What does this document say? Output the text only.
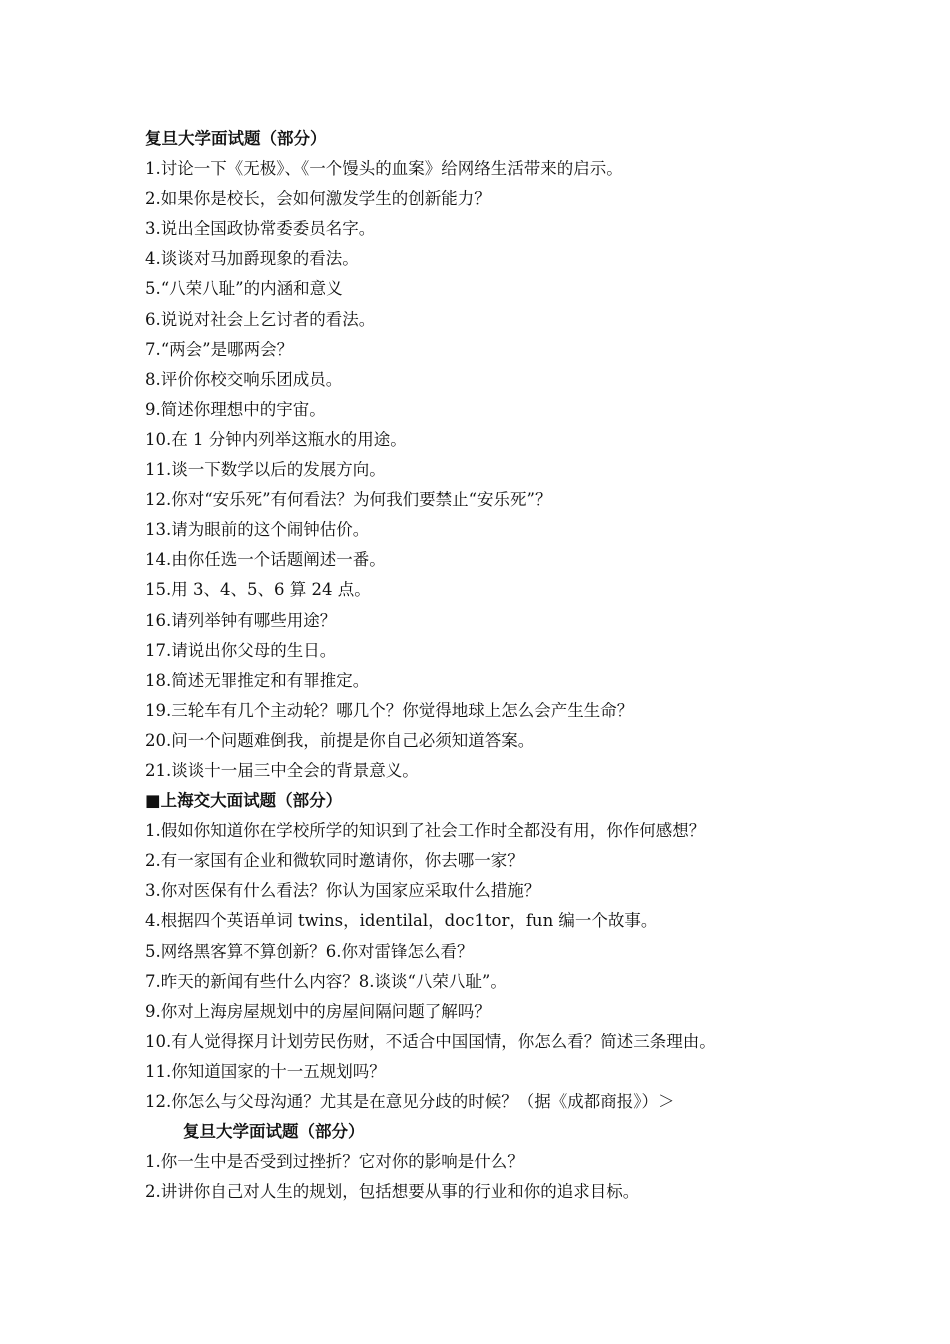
复旦大学面试题（部分）
1.讨论一下《无极》、《一个馒头的血案》给网络生活带来的启示。
2.如果你是校长，会如何激发学生的创新能力？
3.说出全国政协常委委员名字。
4.谈谈对马加爵现象的看法。
5.“八荣八耻”的内涵和意义
6.说说对社会上乞讨者的看法。
7.“两会”是哪两会？
8.评价你校交响乐团成员。
9.简述你理想中的宇宙。
10.在 1 分钟内列举这瓶水的用途。
11.谈一下数学以后的发展方向。
12.你对“安乐死”有何看法？为何我们要禁止“安乐死”？
13.请为眼前的这个闹钟估价。
14.由你任选一个话题阐述一番。
15.用 3、4、5、6 算 24 点。
16.请列举钟有哪些用途？
17.请说出你父母的生日。
18.简述无罪推定和有罪推定。
19.三轮车有几个主动轮？哪几个？你觉得地球上怎么会产生生命？
20.问一个问题难倒我，前提是你自己必须知道答案。
21.谈谈十一届三中全会的背景意义。
■上海交大面试题（部分）
1.假如你知道你在学校所学的知识到了社会工作时全都没有用，你作何感想？
2.有一家国有企业和微软同时邀请你，你去哪一家？
3.你对医保有什么看法？你认为国家应采取什么措施？
4.根据四个英语单词 twins，identilal，doc1tor，fun 编一个故事。
5.网络黑客算不算创新？6.你对雷锋怎么看？
7.昨天的新闻有些什么内容？8.谈谈“八荣八耻”。
9.你对上海房屋规划中的房屋间隔问题了解吗？
10.有人觉得探月计划劳民伤财，不适合中国国情，你怎么看？简述三条理由。
11.你知道国家的十一五规划吗？
12.你怎么与父母沟通？尤其是在意见分歧的时候？（据《成都商报》）＞
复旦大学面试题（部分）
1.你一生中是否受到过挫折？它对你的影响是什么？
2.讲讲你自己对人生的规划，包括想要从事的行业和你的追求目标。
